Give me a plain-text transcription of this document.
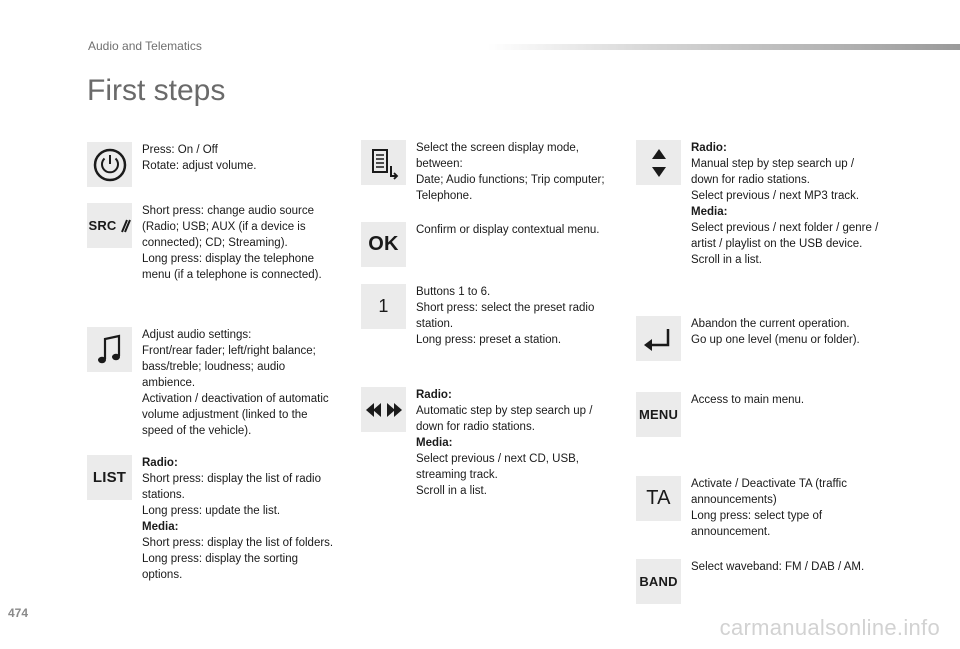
Audio and Telematics
First steps
Press: On / Off
Rotate: adjust volume.
SRC
Short press: change audio source
(Radio; USB; AUX (if a device is
connected); CD; Streaming).
Long press: display the telephone
menu (if a telephone is connected).
Adjust audio settings:
Front/rear fader; left/right balance;
bass/treble; loudness; audio
ambience.
Activation / deactivation of automatic
volume adjustment (linked to the
speed of the vehicle).
LIST
Radio:
Short press: display the list of radio
stations.
Long press: update the list.
Media:
Short press: display the list of folders.
Long press: display the sorting
options.
Select the screen display mode,
between:
Date; Audio functions; Trip computer;
Telephone.
OK
Confirm or display contextual menu.
1
Buttons 1 to 6.
Short press: select the preset radio
station.
Long press: preset a station.
Radio:
Automatic step by step search up /
down for radio stations.
Media:
Select previous / next CD, USB,
streaming track.
Scroll in a list.
Radio:
Manual step by step search up /
down for radio stations.
Select previous / next MP3 track.
Media:
Select previous / next folder / genre /
artist / playlist on the USB device.
Scroll in a list.
Abandon the current operation.
Go up one level (menu or folder).
MENU
Access to main menu.
TA
Activate / Deactivate TA (traffic
announcements)
Long press: select type of
announcement.
BAND
Select waveband: FM / DAB / AM.
474
carmanualsonline.info
